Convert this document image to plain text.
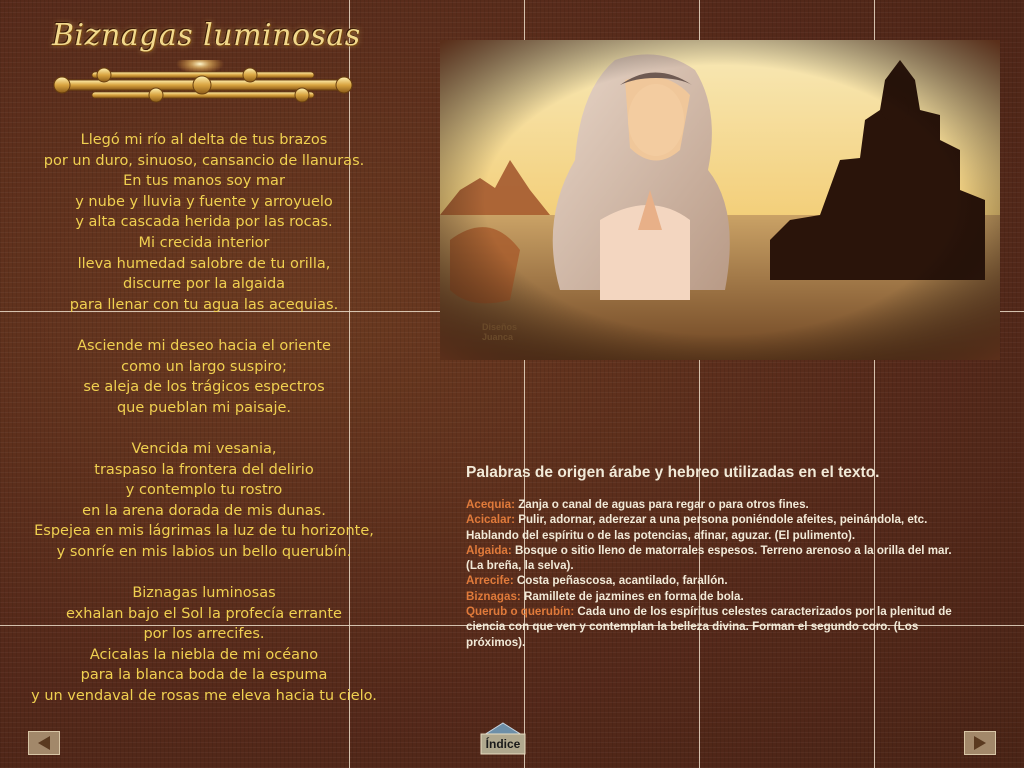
Biznagas luminosas
Llegó mi río al delta de tus brazos
por un duro, sinuoso, cansancio de llanuras.
En tus manos soy mar
y nube y lluvia y fuente y arroyuelo
y alta cascada herida por las rocas.
Mi crecida interior
lleva humedad salobre de tu orilla,
discurre por la algaida
para llenar con tu agua las acequias.
Asciende mi deseo hacia el oriente
como un largo suspiro;
se aleja de los trágicos espectros
que pueblan mi paisaje.
Vencida mi vesania,
traspaso la frontera del delirio
y contemplo tu rostro
en la arena dorada de mis dunas.
Espejea en mis lágrimas la luz de tu horizonte,
y sonríe en mis labios un bello querubín.
Biznagas luminosas
exhalan bajo el Sol la profecía errante
por los arrecifes.
Acicalas la niebla de mi océano
para la blanca boda de la espuma
y un vendaval de rosas me eleva hacia tu cielo.
Diseños Juanca
Palabras de origen árabe y hebreo utilizadas en el texto.
Acequia: Zanja o canal de aguas para regar o para otros fines.
Acicalar: Pulir, adornar, aderezar a una persona poniéndole afeites, peinándola, etc. Hablando del espíritu o de las potencias, afinar, aguzar. (El pulimento).
Algaida: Bosque o sitio lleno de matorrales espesos. Terreno arenoso a la orilla del mar. (La breña, la selva).
Arrecife: Costa peñascosa, acantilado, farallón.
Biznagas: Ramillete de jazmines en forma de bola.
Querub o querubín: Cada uno de los espíritus celestes caracterizados por la plenitud de ciencia con que ven y contemplan la belleza divina. Forman el segundo coro. (Los próximos).
Índice
